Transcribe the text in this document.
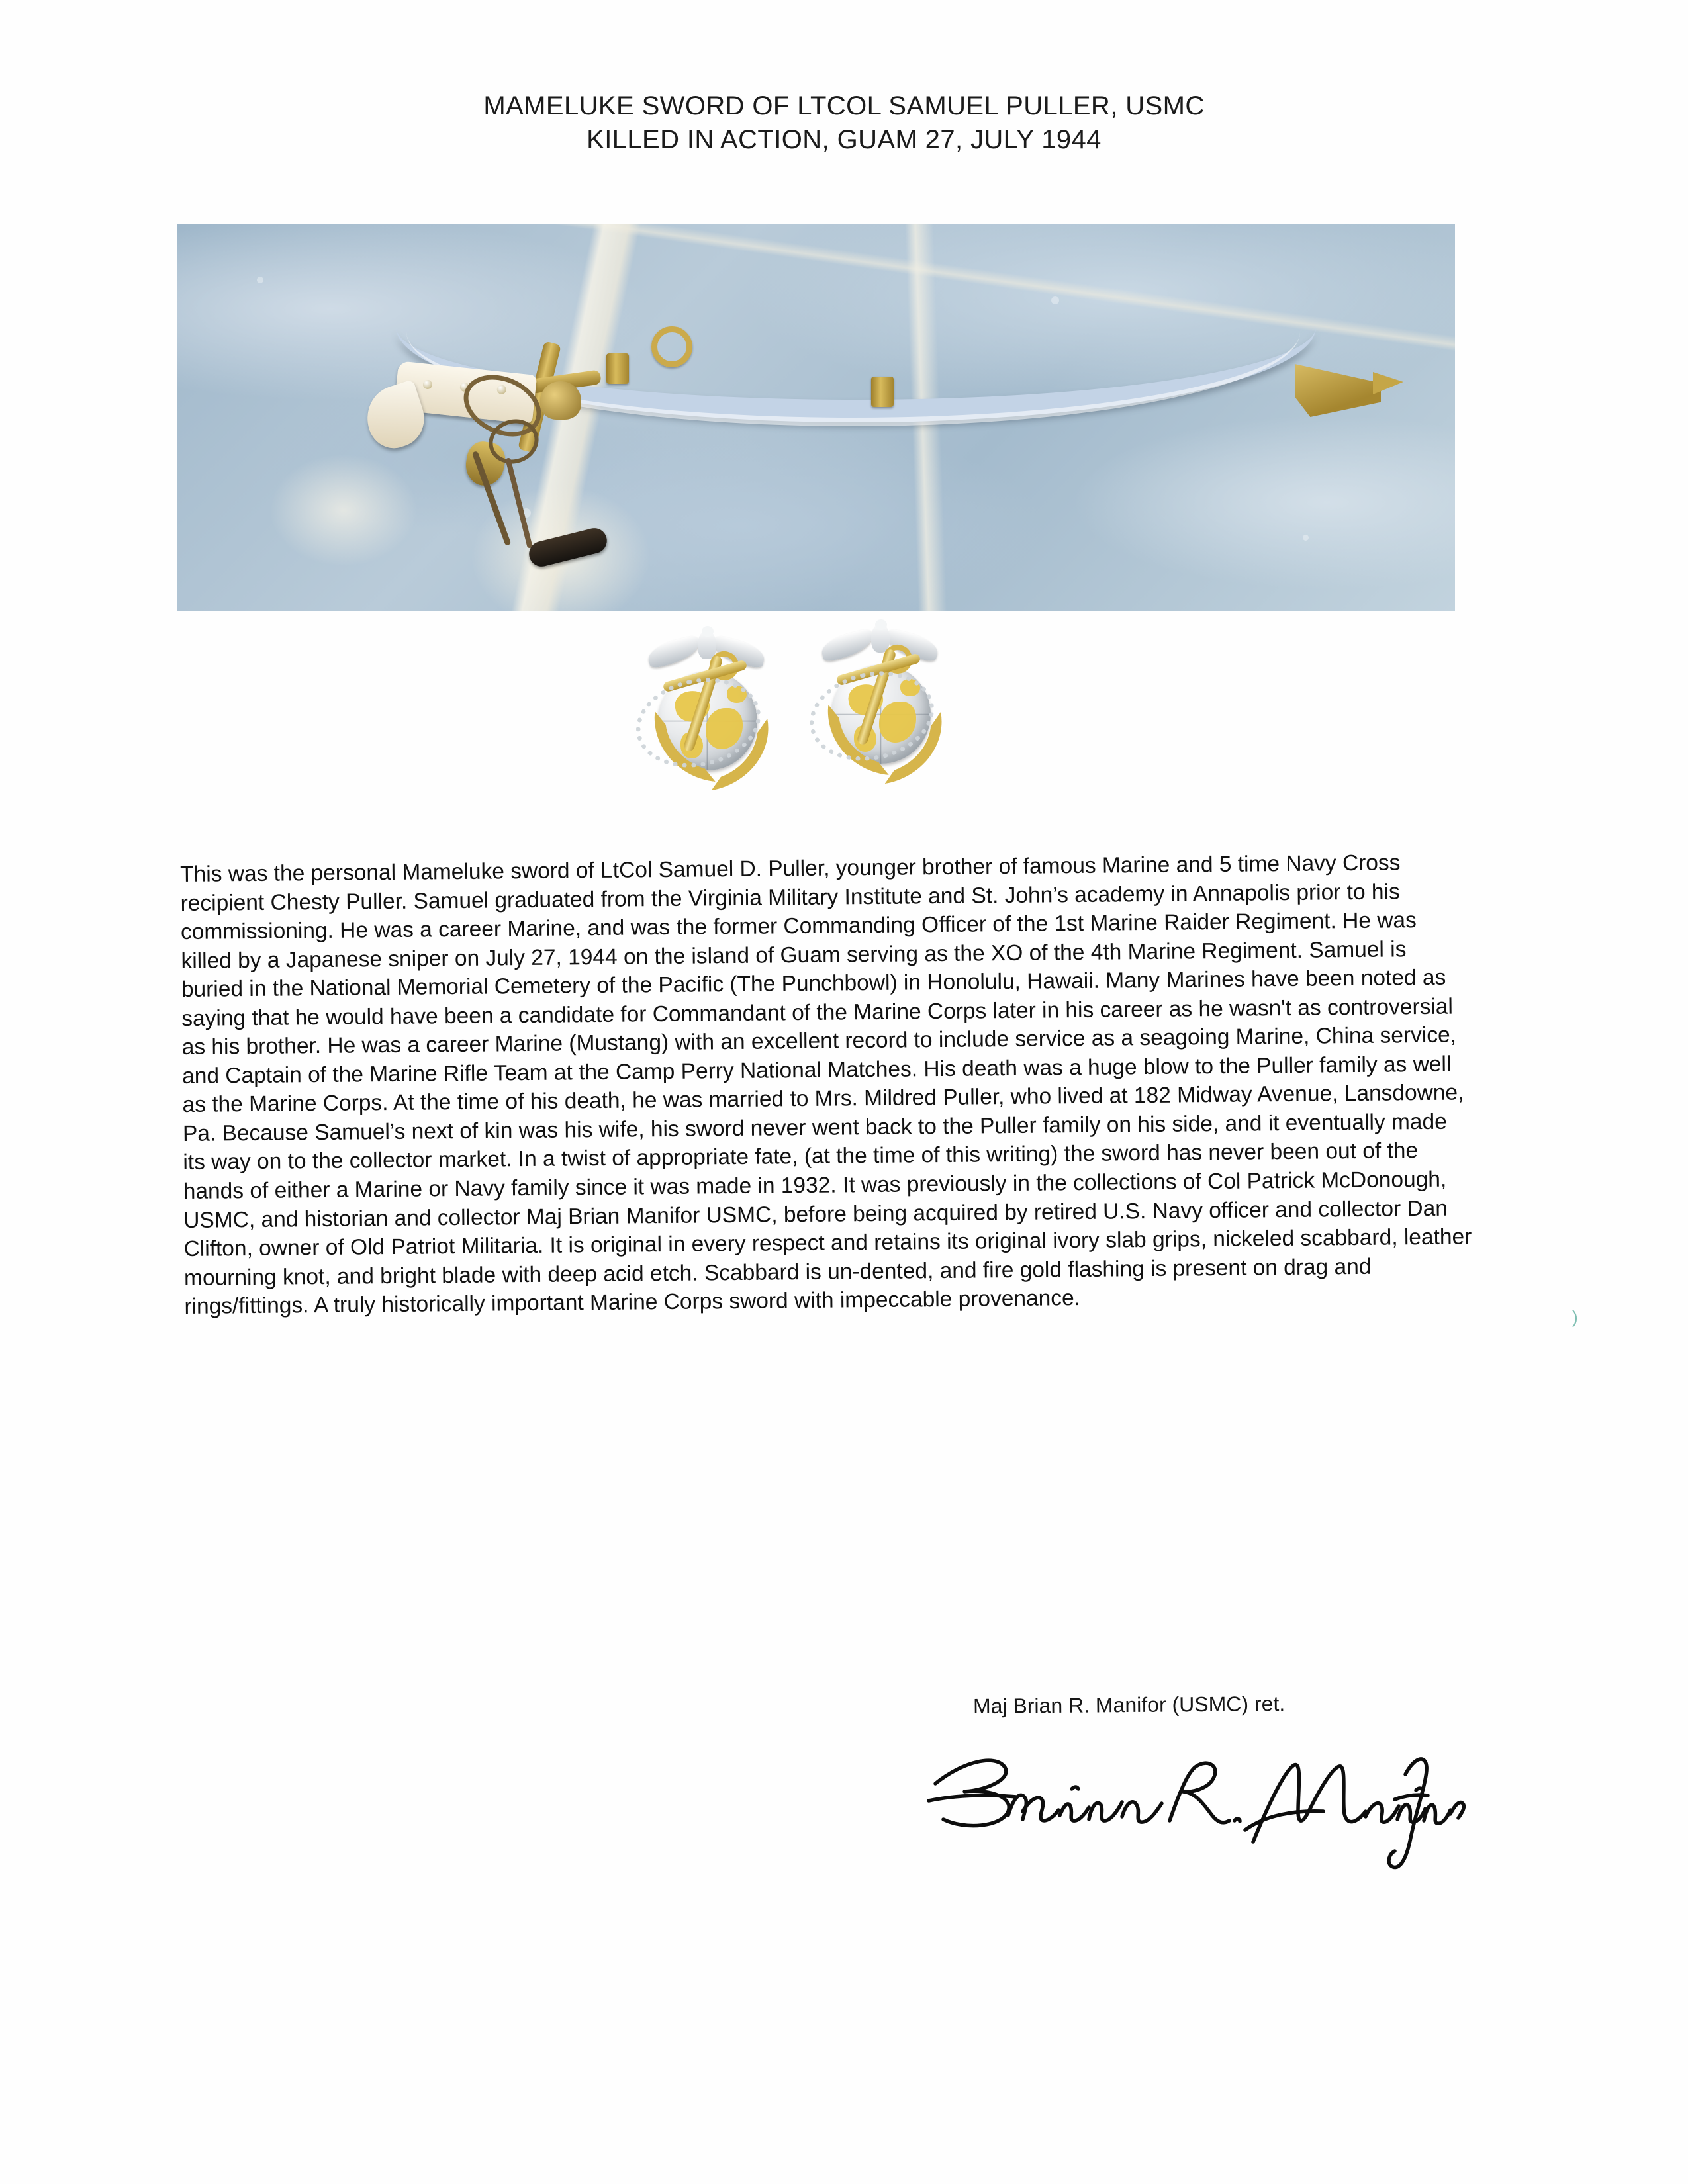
MAMELUKE SWORD OF LTCOL SAMUEL PULLER, USMC
KILLED IN ACTION, GUAM 27, JULY 1944

This was the personal Mameluke sword of LtCol Samuel D. Puller, younger brother of famous Marine and 5 time Navy Cross recipient Chesty Puller. Samuel graduated from the Virginia Military Institute and St. John’s academy in Annapolis prior to his commissioning. He was a career Marine, and was the former Commanding Officer of the 1st Marine Raider Regiment. He was killed by a Japanese sniper on July 27, 1944 on the island of Guam serving as the XO of the 4th Marine Regiment. Samuel is buried in the National Memorial Cemetery of the Pacific (The Punchbowl) in Honolulu, Hawaii. Many Marines have been noted as saying that he would have been a candidate for Commandant of the Marine Corps later in his career as he wasn't as controversial as his brother. He was a career Marine (Mustang) with an excellent record to include service as a seagoing Marine, China service, and Captain of the Marine Rifle Team at the Camp Perry National Matches. His death was a huge blow to the Puller family as well as the Marine Corps. At the time of his death, he was married to Mrs. Mildred Puller, who lived at 182 Midway Avenue, Lansdowne, Pa. Because Samuel’s next of kin was his wife, his sword never went back to the Puller family on his side, and it eventually made its way on to the collector market. In a twist of appropriate fate, (at the time of this writing) the sword has never been out of the hands of either a Marine or Navy family since it was made in 1932. It was previously in the collections of Col Patrick McDonough, USMC, and historian and collector Maj Brian Manifor USMC, before being acquired by retired U.S. Navy officer and collector Dan Clifton, owner of Old Patriot Militaria. It is original in every respect and retains its original ivory slab grips, nickeled scabbard, leather mourning knot, and bright blade with deep acid etch. Scabbard is un-dented, and fire gold flashing is present on drag and rings/fittings. A truly historically important Marine Corps sword with impeccable provenance.	)
Maj Brian R. Manifor (USMC) ret.
